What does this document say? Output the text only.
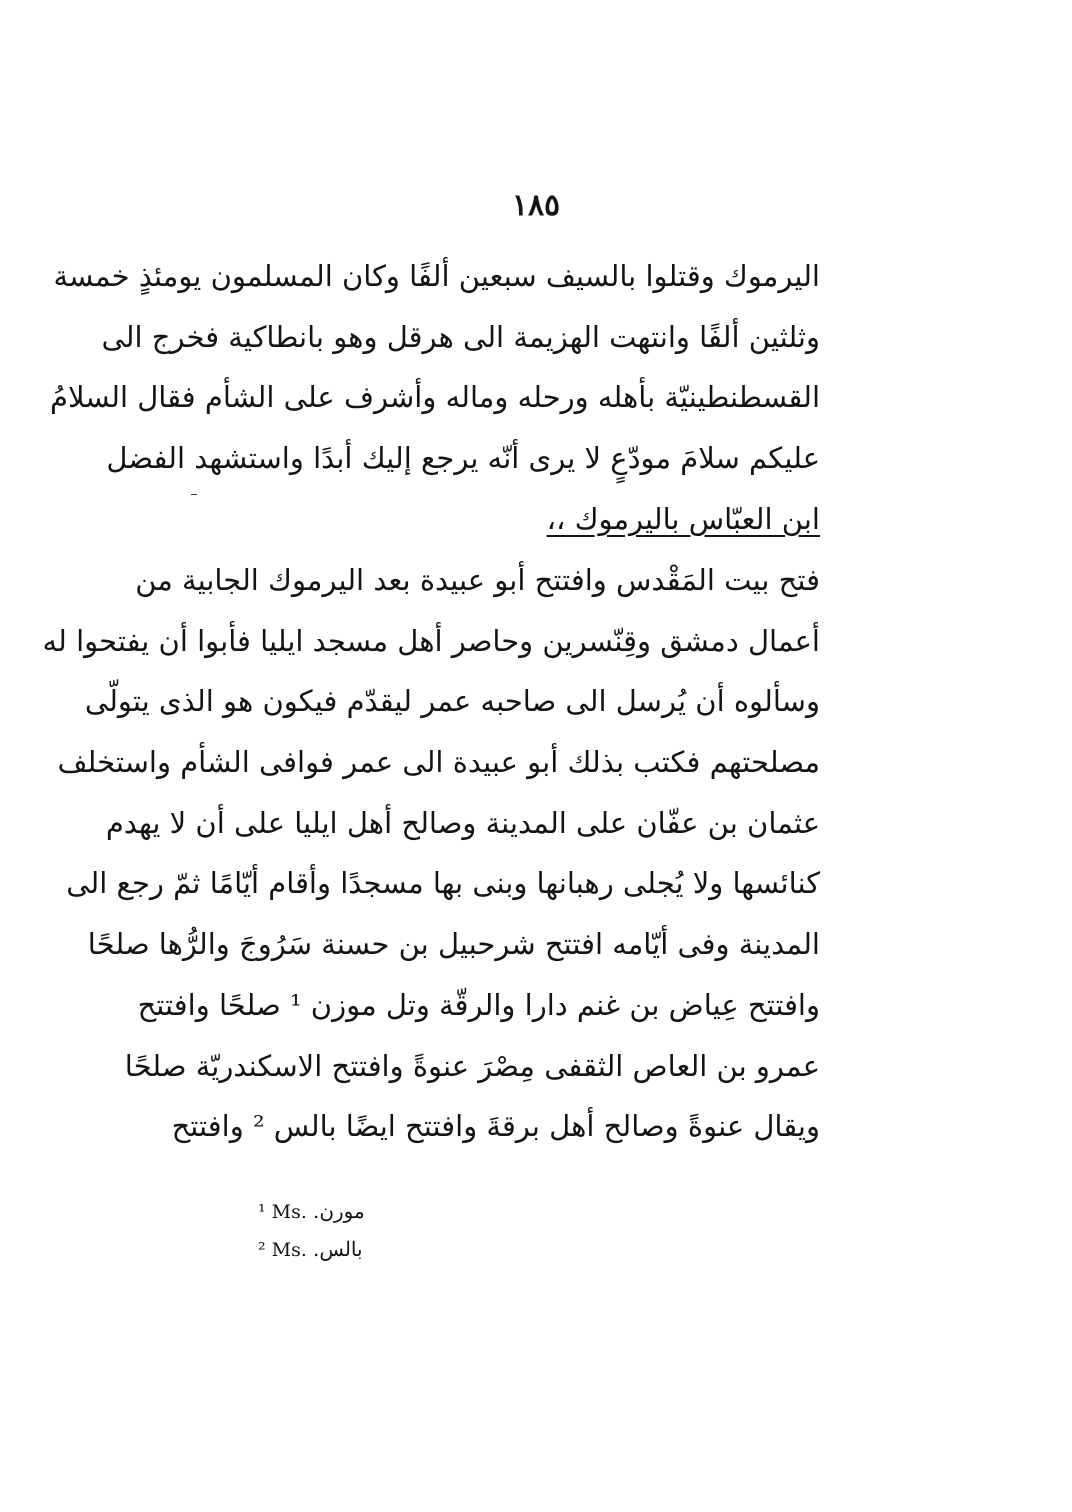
١٨٥
اليرموك وقتلوا بالسيف سبعين ألفًا وكان المسلمون يومئذٍ خمسة
وثلثين ألفًا وانتهت الهزيمة الى هرقل وهو بانطاكية فخرج الى
القسطنطينيّة بأهله ورحله وماله وأشرف على الشأم فقال السلامُ
عليكم سلامَ مودّعٍ لا يرى أنّه يرجع إليك أبدًا واستشهد الفضل
ابن العبّاس باليرموك ،،
فتح بيت المَقْدس وافتتح أبو عبيدة بعد اليرموك الجابية من
أعمال دمشق وقِنّسرين وحاصر أهل مسجد ايليا فأبوا أن يفتحوا له
وسألوه أن يُرسل الى صاحبه عمر ليقدّم فيكون هو الذى يتولّى
مصلحتهم فكتب بذلك أبو عبيدة الى عمر فوافى الشأم واستخلف
عثمان بن عفّان على المدينة وصالح أهل ايليا على أن لا يهدم
كنائسها ولا يُجلى رهبانها وبنى بها مسجدًا وأقام أيّامًا ثمّ رجع الى
المدينة وفى أيّامه افتتح شرحبيل بن حسنة سَرُوجَ والرُّها صلحًا
وافتتح عِياض بن غنم دارا والرقّة وتل موزن ¹ صلحًا وافتتح
عمرو بن العاص الثقفى مِصْرَ عنوةً وافتتح الاسكندريّة صلحًا
ويقال عنوةً وصالح أهل برقةَ وافتتح ايضًا بالس ² وافتتح
¹ Ms. مورن.
² Ms. بالس.
